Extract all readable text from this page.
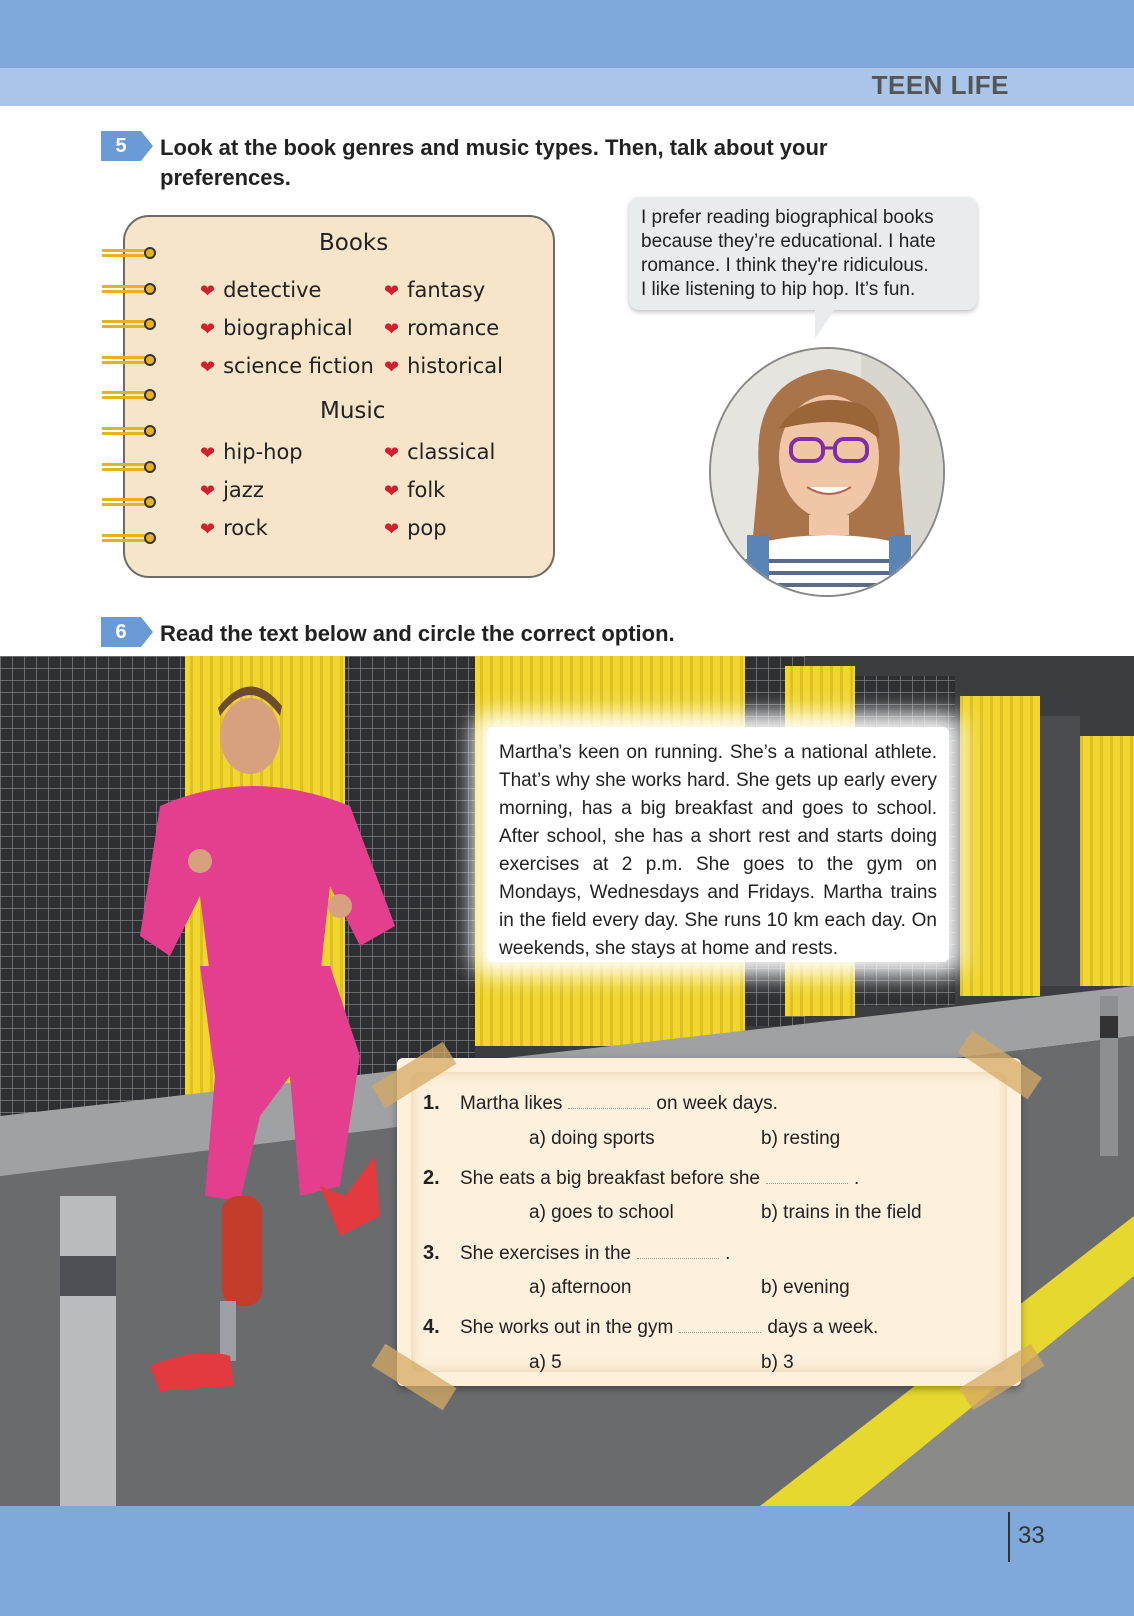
TEEN LIFE
5	Look at the book genres and music types. Then, talk about your
preferences.
Books
❤ detective	❤ fantasy
❤ biographical ❤ romance
❤ science fiction ❤ historical
Music
❤ hip-hop	❤ classical
❤ jazz	❤ folk
❤ rock	❤ pop
I prefer reading biographical books
because they’re educational. I hate
romance. I think they're ridiculous.
I like listening to hip hop. It’s fun.
6	Read the text below and circle the correct option.
Martha’s keen on running. She’s a national athlete. That’s why she works hard. She gets up early every morning, has a big breakfast and goes to school. After school, she has a short rest and starts doing exercises at 2 p.m. She goes to the gym on Mondays, Wednesdays and Fridays. Martha trains in the field every day. She runs 10 km each day. On weekends, she stays at home and rests.
1. Martha likes	on week days.
a) doing sports	b) resting
2. She eats a big breakfast before she	.
a) goes to school	b) trains in the field
3. She exercises in the	.
a) afternoon	b) evening
4. She works out in the gym	days a week.
a) 5	b) 3
33
